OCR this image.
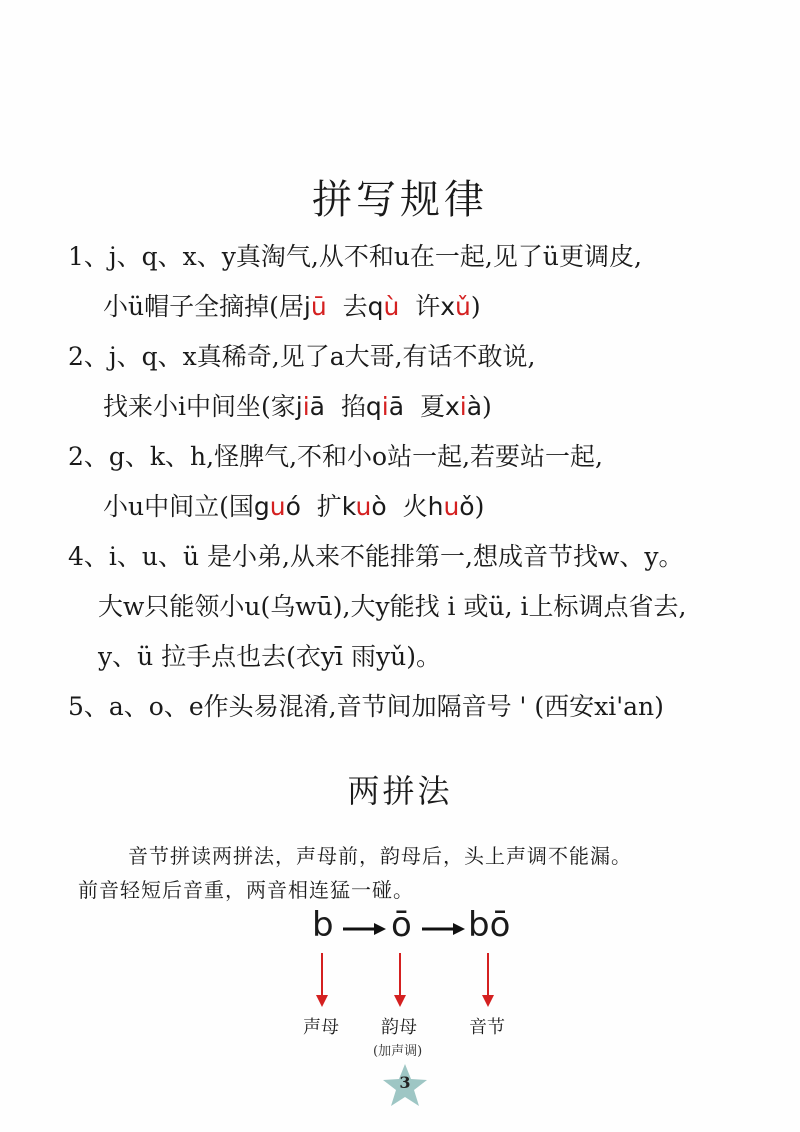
拼写规律
1、j、q、x、y真淘气,从不和u在一起,见了ü更调皮,
小ü帽子全摘掉(居jū  去qù  许xǔ)
2、j、q、x真稀奇,见了a大哥,有话不敢说,
找来小i中间坐(家jiā  掐qiā  夏xià)
2、g、k、h,怪脾气,不和小o站一起,若要站一起,
小u中间立(国guó  扩kuò  火huǒ)
4、i、u、ü 是小弟,从来不能排第一,想成音节找w、y。
大w只能领小u(乌wū),大y能找 i 或ü, i上标调点省去,
y、ü 拉手点也去(衣yī 雨yǔ)。
5、a、o、e作头易混淆,音节间加隔音号 ' (西安xi'an)
两拼法
音节拼读两拼法，声母前，韵母后，头上声调不能漏。
前音轻短后音重，两音相连猛一碰。
b ō bō
声母 韵母
(加声调)
音节
3
